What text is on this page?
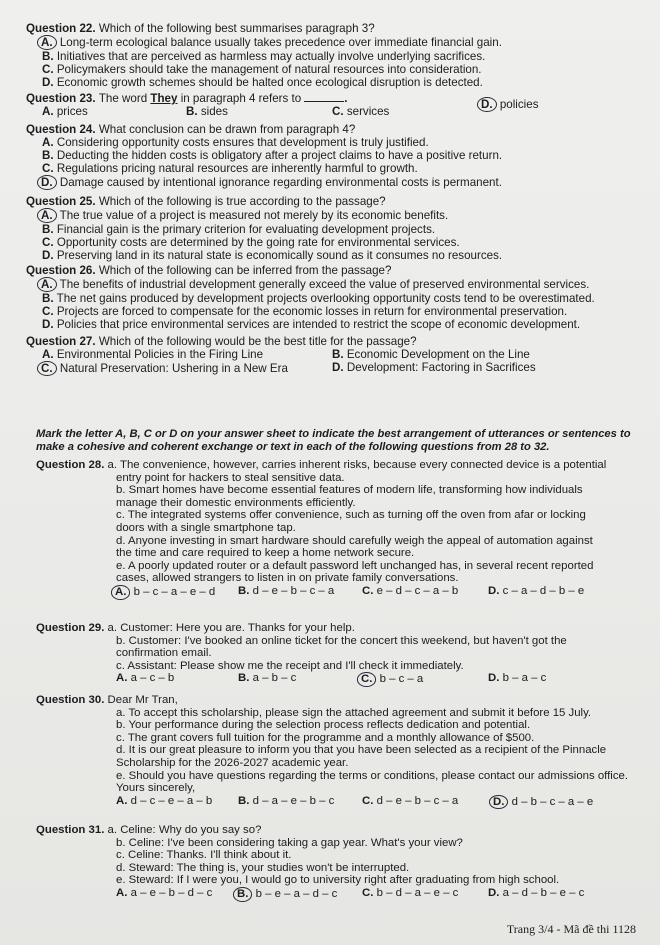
Question 22. Which of the following best summarises paragraph 3?
A. Long-term ecological balance usually takes precedence over immediate financial gain.
B. Initiatives that are perceived as harmless may actually involve underlying sacrifices.
C. Policymakers should take the management of natural resources into consideration.
D. Economic growth schemes should be halted once ecological disruption is detected.
Question 23. The word They in paragraph 4 refers to	.
A. prices	B. sides	C. services
D. policies
Question 24. What conclusion can be drawn from paragraph 4?
A. Considering opportunity costs ensures that development is truly justified.
B. Deducting the hidden costs is obligatory after a project claims to have a positive return.
C. Regulations pricing natural resources are inherently harmful to growth.
D. Damage caused by intentional ignorance regarding environmental costs is permanent.
Question 25. Which of the following is true according to the passage?
A. The true value of a project is measured not merely by its economic benefits.
B. Financial gain is the primary criterion for evaluating development projects.
C. Opportunity costs are determined by the going rate for environmental services.
D. Preserving land in its natural state is economically sound as it consumes no resources.
Question 26. Which of the following can be inferred from the passage?
A. The benefits of industrial development generally exceed the value of preserved environmental services.
B. The net gains produced by development projects overlooking opportunity costs tend to be overestimated.
C. Projects are forced to compensate for the economic losses in return for environmental preservation.
D. Policies that price environmental services are intended to restrict the scope of economic development.
Question 27. Which of the following would be the best title for the passage?
A. Environmental Policies in the Firing Line	B. Economic Development on the Line
C. Natural Preservation: Ushering in a New Era	D. Development: Factoring in Sacrifices
Mark the letter A, B, C or D on your answer sheet to indicate the best arrangement of utterances or sentences to make a cohesive and coherent exchange or text in each of the following questions from 28 to 32.
Question 28. a. The convenience, however, carries inherent risks, because every connected device is a potential
entry point for hackers to steal sensitive data.
b. Smart homes have become essential features of modern life, transforming how individuals
manage their domestic environments efficiently.
c. The integrated systems offer convenience, such as turning off the oven from afar or locking
doors with a single smartphone tap.
d. Anyone investing in smart hardware should carefully weigh the appeal of automation against
the time and care required to keep a home network secure.
e. A poorly updated router or a default password left unchanged has, in several recent reported
cases, allowed strangers to listen in on private family conversations.
A. b – c – a – e – d	B. d – e – b – c – a	C. e – d – c – a – b	D. c – a – d – b – e
Question 29. a. Customer: Here you are. Thanks for your help.
b. Customer: I've booked an online ticket for the concert this weekend, but haven't got the
confirmation email.
c. Assistant: Please show me the receipt and I'll check it immediately.
A. a – c – b	B. a – b – c	C. b – c – a	D. b – a – c
Question 30. Dear Mr Tran,
a. To accept this scholarship, please sign the attached agreement and submit it before 15 July.
b. Your performance during the selection process reflects dedication and potential.
c. The grant covers full tuition for the programme and a monthly allowance of $500.
d. It is our great pleasure to inform you that you have been selected as a recipient of the Pinnacle
Scholarship for the 2026-2027 academic year.
e. Should you have questions regarding the terms or conditions, please contact our admissions office.
Yours sincerely,
A. d – c – e – a – b	B. d – a – e – b – c	C. d – e – b – c – a	D. d – b – c – a – e
Question 31. a. Celine: Why do you say so?
b. Celine: I've been considering taking a gap year. What's your view?
c. Celine: Thanks. I'll think about it.
d. Steward: The thing is, your studies won't be interrupted.
e. Steward: If I were you, I would go to university right after graduating from high school.
A. a – e – b – d – c	B. b – e – a – d – c	C. b – d – a – e – c	D. a – d – b – e – c
Trang 3/4 - Mã đề thi 1128
